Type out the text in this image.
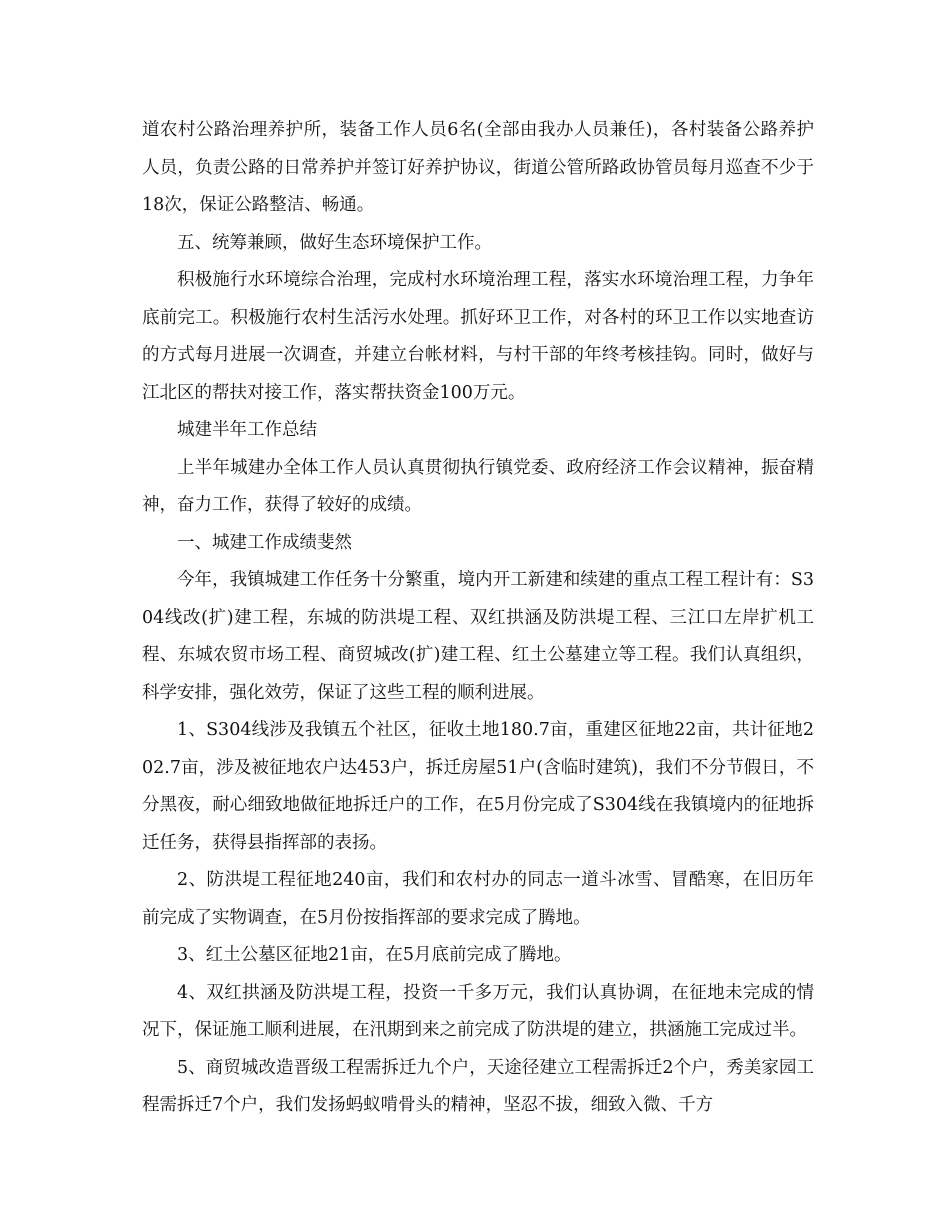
道农村公路治理养护所，装备工作人员6名(全部由我办人员兼任)，各村装备公路养护人员，负责公路的日常养护并签订好养护协议，街道公管所路政协管员每月巡查不少于18次，保证公路整洁、畅通。

五、统筹兼顾，做好生态环境保护工作。

积极施行水环境综合治理，完成村水环境治理工程，落实水环境治理工程，力争年底前完工。积极施行农村生活污水处理。抓好环卫工作，对各村的环卫工作以实地查访的方式每月进展一次调查，并建立台帐材料，与村干部的年终考核挂钩。同时，做好与江北区的帮扶对接工作，落实帮扶资金100万元。

城建半年工作总结

上半年城建办全体工作人员认真贯彻执行镇党委、政府经济工作会议精神，振奋精神，奋力工作，获得了较好的成绩。

一、城建工作成绩斐然

今年，我镇城建工作任务十分繁重，境内开工新建和续建的重点工程工程计有：S304线改(扩)建工程，东城的防洪堤工程、双红拱涵及防洪堤工程、三江口左岸扩机工程、东城农贸市场工程、商贸城改(扩)建工程、红土公墓建立等工程。我们认真组织，科学安排，强化效劳，保证了这些工程的顺利进展。

1、S304线涉及我镇五个社区，征收土地180.7亩，重建区征地22亩，共计征地202.7亩，涉及被征地农户达453户，拆迁房屋51户(含临时建筑)，我们不分节假日，不分黑夜，耐心细致地做征地拆迁户的工作，在5月份完成了S304线在我镇境内的征地拆迁任务，获得县指挥部的表扬。

2、防洪堤工程征地240亩，我们和农村办的同志一道斗冰雪、冒酷寒，在旧历年前完成了实物调查，在5月份按指挥部的要求完成了腾地。

3、红土公墓区征地21亩，在5月底前完成了腾地。

4、双红拱涵及防洪堤工程，投资一千多万元，我们认真协调，在征地未完成的情况下，保证施工顺利进展，在汛期到来之前完成了防洪堤的建立，拱涵施工完成过半。

5、商贸城改造晋级工程需拆迁九个户，天途径建立工程需拆迁2个户，秀美家园工程需拆迁7个户，我们发扬蚂蚁啃骨头的精神，坚忍不拔，细致入微、千方
